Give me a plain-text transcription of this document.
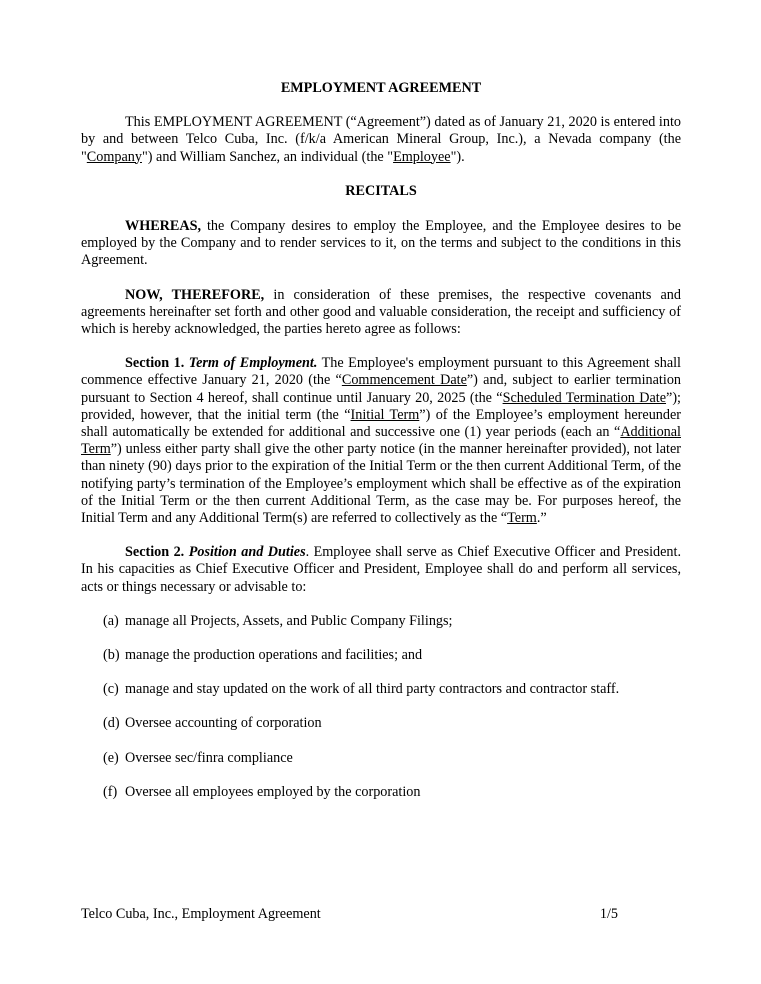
EMPLOYMENT AGREEMENT

This EMPLOYMENT AGREEMENT (“Agreement”) dated as of January 21, 2020 is entered into by and between Telco Cuba, Inc. (f/k/a American Mineral Group, Inc.), a Nevada company (the "Company") and William Sanchez, an individual (the "Employee").

RECITALS

WHEREAS, the Company desires to employ the Employee, and the Employee desires to be employed by the Company and to render services to it, on the terms and subject to the conditions in this Agreement.

NOW, THEREFORE, in consideration of these premises, the respective covenants and agreements hereinafter set forth and other good and valuable consideration, the receipt and sufficiency of which is hereby acknowledged, the parties hereto agree as follows:

Section 1. Term of Employment. The Employee's employment pursuant to this Agreement shall commence effective January 21, 2020 (the “Commencement Date”) and, subject to earlier termination pursuant to Section 4 hereof, shall continue until January 20, 2025 (the “Scheduled Termination Date”); provided, however, that the initial term (the “Initial Term”) of the Employee’s employment hereunder shall automatically be extended for additional and successive one (1) year periods (each an “Additional Term”) unless either party shall give the other party notice (in the manner hereinafter provided), not later than ninety (90) days prior to the expiration of the Initial Term or the then current Additional Term, of the notifying party’s termination of the Employee’s employment which shall be effective as of the expiration of the Initial Term or the then current Additional Term, as the case may be. For purposes hereof, the Initial Term and any Additional Term(s) are referred to collectively as the “Term.”

Section 2. Position and Duties. Employee shall serve as Chief Executive Officer and President. In his capacities as Chief Executive Officer and President, Employee shall do and perform all services, acts or things necessary or advisable to:

(a) manage all Projects, Assets, and Public Company Filings;
(b) manage the production operations and facilities; and
(c) manage and stay updated on the work of all third party contractors and contractor staff.
(d) Oversee accounting of corporation
(e) Oversee sec/finra compliance
(f) Oversee all employees employed by the corporation
Telco Cuba, Inc., Employment Agreement	1/5
